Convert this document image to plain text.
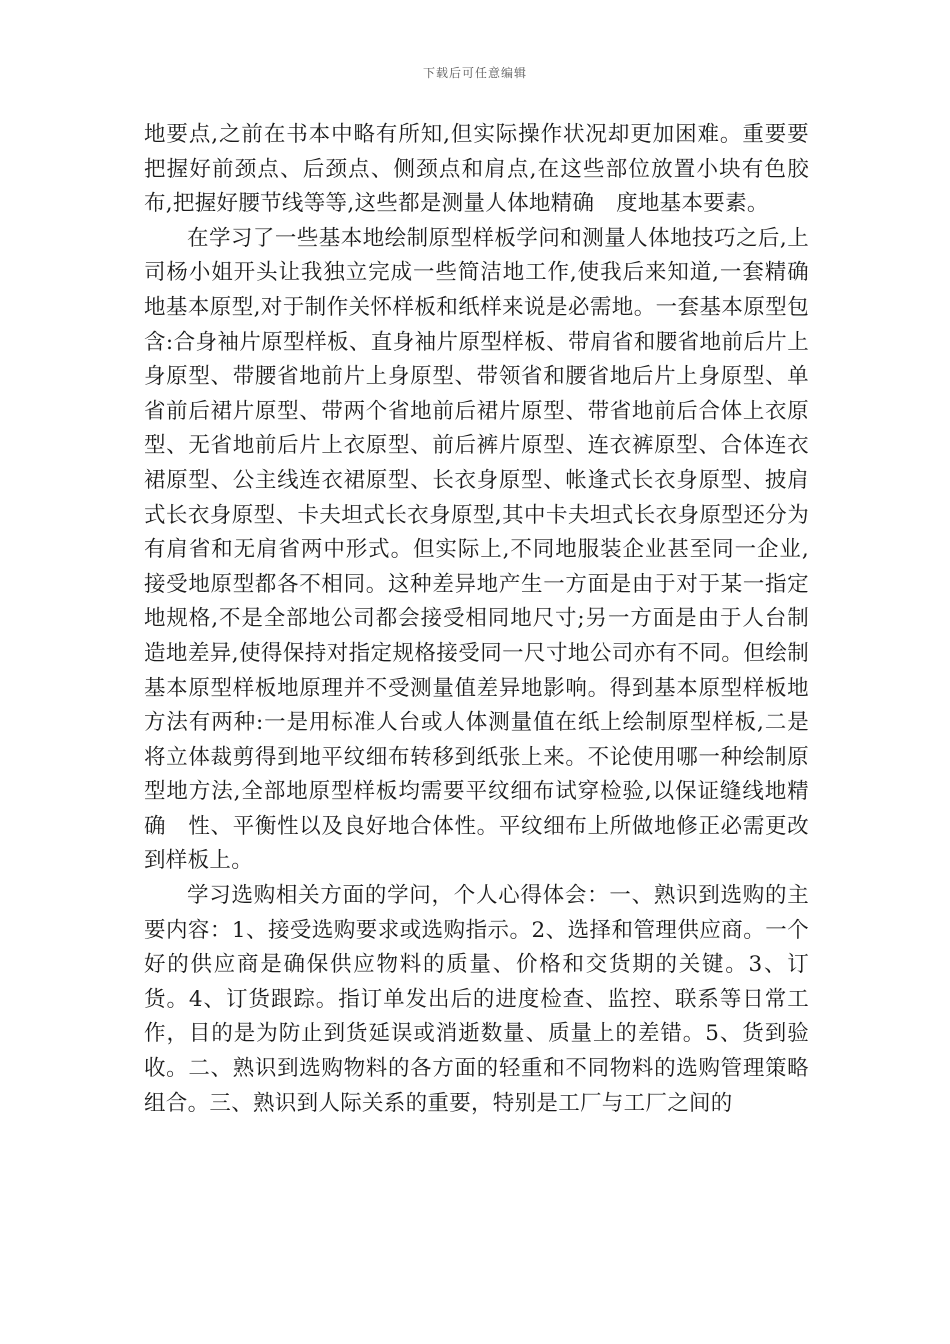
下载后可任意编辑

地要点,之前在书本中略有所知,但实际操作状况却更加困难。重要要把握好前颈点、后颈点、侧颈点和肩点,在这些部位放置小块有色胶布,把握好腰节线等等,这些都是测量人体地精确　度地基本要素。

在学习了一些基本地绘制原型样板学问和测量人体地技巧之后,上司杨小姐开头让我独立完成一些简洁地工作,使我后来知道,一套精确　地基本原型,对于制作关怀样板和纸样来说是必需地。一套基本原型包含:合身袖片原型样板、直身袖片原型样板、带肩省和腰省地前后片上身原型、带腰省地前片上身原型、带领省和腰省地后片上身原型、单省前后裙片原型、带两个省地前后裙片原型、带省地前后合体上衣原型、无省地前后片上衣原型、前后裤片原型、连衣裤原型、合体连衣裙原型、公主线连衣裙原型、长衣身原型、帐逢式长衣身原型、披肩式长衣身原型、卡夫坦式长衣身原型,其中卡夫坦式长衣身原型还分为有肩省和无肩省两中形式。但实际上,不同地服装企业甚至同一企业,接受地原型都各不相同。这种差异地产生一方面是由于对于某一指定地规格,不是全部地公司都会接受相同地尺寸;另一方面是由于人台制造地差异,使得保持对指定规格接受同一尺寸地公司亦有不同。但绘制基本原型样板地原理并不受测量值差异地影响。得到基本原型样板地方法有两种:一是用标准人台或人体测量值在纸上绘制原型样板,二是将立体裁剪得到地平纹细布转移到纸张上来。不论使用哪一种绘制原型地方法,全部地原型样板均需要平纹细布试穿检验,以保证缝线地精确　性、平衡性以及良好地合体性。平纹细布上所做地修正必需更改到样板上。

学习选购相关方面的学问，个人心得体会：一、熟识到选购的主要内容：1、接受选购要求或选购指示。2、选择和管理供应商。一个好的供应商是确保供应物料的质量、价格和交货期的关键。3、订货。4、订货跟踪。指订单发出后的进度检查、监控、联系等日常工作，目的是为防止到货延误或消逝数量、质量上的差错。5、货到验收。二、熟识到选购物料的各方面的轻重和不同物料的选购管理策略组合。三、熟识到人际关系的重要，特别是工厂与工厂之间的
